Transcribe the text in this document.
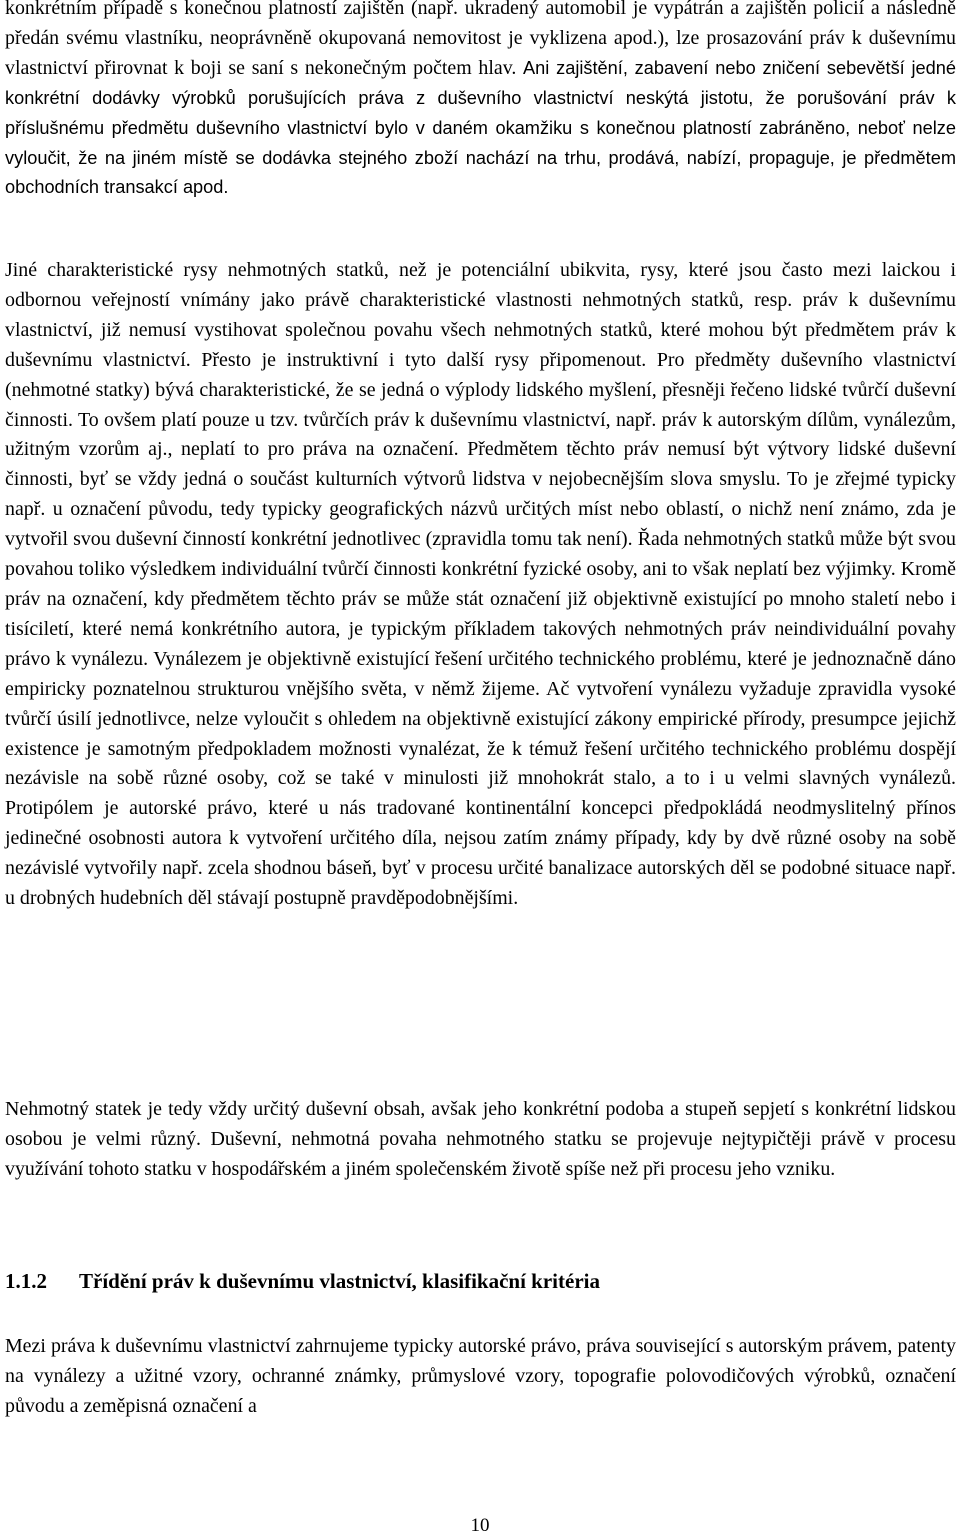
konkrétním případě s konečnou platností zajištěn (např. ukradený automobil je vypátrán a zajištěn policií a následně předán svému vlastníku, neoprávněně okupovaná nemovitost je vyklizena apod.), lze prosazování práv k duševnímu vlastnictví přirovnat k boji se saní s nekonečným počtem hlav. Ani zajištění, zabavení nebo zničení sebevětší jedné konkrétní dodávky výrobků porušujících práva z duševního vlastnictví neskýtá jistotu, že porušování práv k příslušnému předmětu duševního vlastnictví bylo v daném okamžiku s konečnou platností zabráněno, neboť nelze vyloučit, že na jiném místě se dodávka stejného zboží nachází na trhu, prodává, nabízí, propaguje, je předmětem obchodních transakcí apod.

Jiné charakteristické rysy nehmotných statků, než je potenciální ubikvita, rysy, které jsou často mezi laickou i odbornou veřejností vnímány jako právě charakteristické vlastnosti nehmotných statků, resp. práv k duševnímu vlastnictví, již nemusí vystihovat společnou povahu všech nehmotných statků, které mohou být předmětem práv k duševnímu vlastnictví. Přesto je instruktivní i tyto další rysy připomenout. Pro předměty duševního vlastnictví (nehmotné statky) bývá charakteristické, že se jedná o výplody lidského myšlení, přesněji řečeno lidské tvůrčí duševní činnosti. To ovšem platí pouze u tzv. tvůrčích práv k duševnímu vlastnictví, např. práv k autorským dílům, vynálezům, užitným vzorům aj., neplatí to pro práva na označení. Předmětem těchto práv nemusí být výtvory lidské duševní činnosti, byť se vždy jedná o součást kulturních výtvorů lidstva v nejobecnějším slova smyslu. To je zřejmé typicky např. u označení původu, tedy typicky geografických názvů určitých míst nebo oblastí, o nichž není známo, zda je vytvořil svou duševní činností konkrétní jednotlivec (zpravidla tomu tak není). Řada nehmotných statků může být svou povahou toliko výsledkem individuální tvůrčí činnosti konkrétní fyzické osoby, ani to však neplatí bez výjimky. Kromě práv na označení, kdy předmětem těchto práv se může stát označení již objektivně existující po mnoho staletí nebo i tisíciletí, které nemá konkrétního autora, je typickým příkladem takových nehmotných práv neindividuální povahy právo k vynálezu. Vynálezem je objektivně existující řešení určitého technického problému, které je jednoznačně dáno empiricky poznatelnou strukturou vnějšího světa, v němž žijeme. Ač vytvoření vynálezu vyžaduje zpravidla vysoké tvůrčí úsilí jednotlivce, nelze vyloučit s ohledem na objektivně existující zákony empirické přírody, presumpce jejichž existence je samotným předpokladem možnosti vynalézat, že k témuž řešení určitého technického problému dospějí nezávisle na sobě různé osoby, což se také v minulosti již mnohokrát stalo, a to i u velmi slavných vynálezů. Protipólem je autorské právo, které u nás tradované kontinentální koncepci předpokládá neodmyslitelný přínos jedinečné osobnosti autora k vytvoření určitého díla, nejsou zatím známy případy, kdy by dvě různé osoby na sobě nezávislé vytvořily např. zcela shodnou báseň, byť v procesu určité banalizace autorských děl se podobné situace např. u drobných hudebních děl stávají postupně pravděpodobnějšími.

Nehmotný statek je tedy vždy určitý duševní obsah, avšak jeho konkrétní podoba a stupeň sepjetí s konkrétní lidskou osobou je velmi různý. Duševní, nehmotná povaha nehmotného statku se projevuje nejtypičtěji právě v procesu využívání tohoto statku v hospodářském a jiném společenském životě spíše než při procesu jeho vzniku.

1.1.2 Třídění práv k duševnímu vlastnictví, klasifikační kritéria

Mezi práva k duševnímu vlastnictví zahrnujeme typicky autorské právo, práva související s autorským právem, patenty na vynálezy a užitné vzory, ochranné známky, průmyslové vzory, topografie polovodičových výrobků, označení původu a zeměpisná označení a

10
